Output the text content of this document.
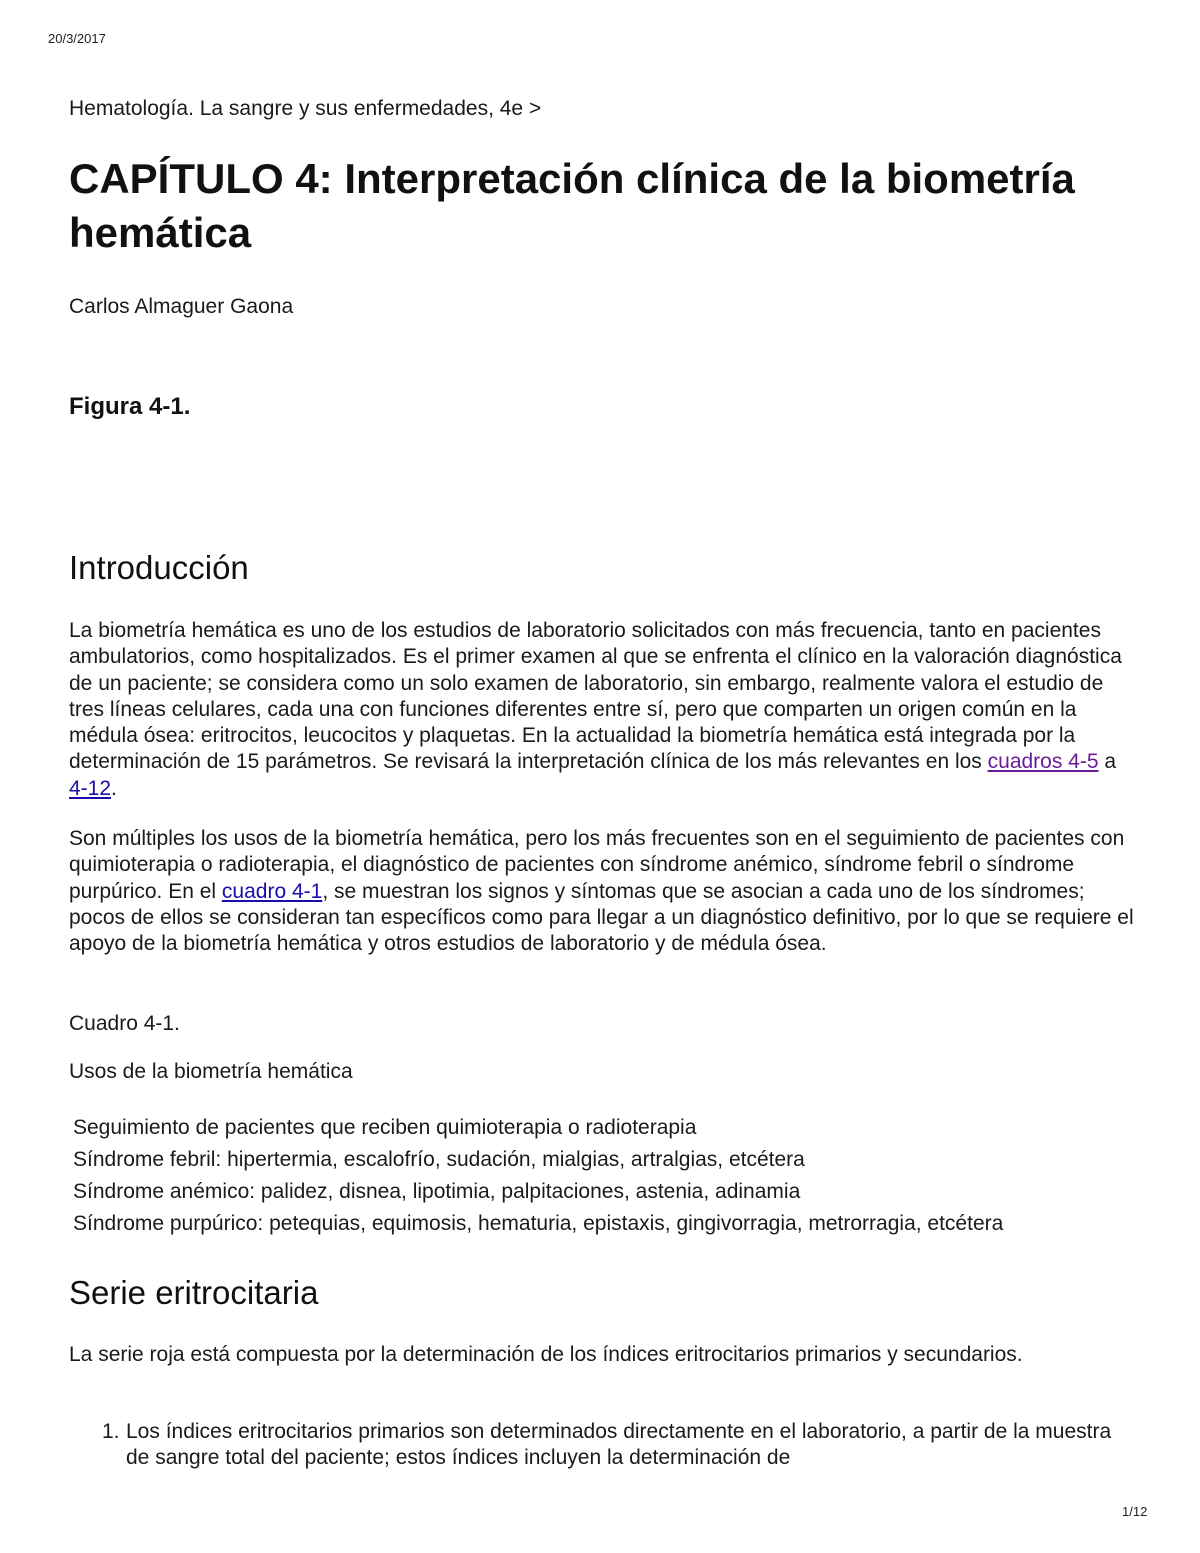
20/3/2017
Hematología. La sangre y sus enfermedades, 4e >
CAPÍTULO 4: Interpretación clínica de la biometría hemática
Carlos Almaguer Gaona
Figura 4-1.
Introducción

La biometría hemática es uno de los estudios de laboratorio solicitados con más frecuencia, tanto en pacientes ambulatorios, como hospitalizados. Es el primer examen al que se enfrenta el clínico en la valoración diagnóstica de un paciente; se considera como un solo examen de laboratorio, sin embargo, realmente valora el estudio de tres líneas celulares, cada una con funciones diferentes entre sí, pero que comparten un origen común en la médula ósea: eritrocitos, leucocitos y plaquetas. En la actualidad la biometría hemática está integrada por la determinación de 15 parámetros. Se revisará la interpretación clínica de los más relevantes en los cuadros 4-5 a 4-12.

Son múltiples los usos de la biometría hemática, pero los más frecuentes son en el seguimiento de pacientes con quimioterapia o radioterapia, el diagnóstico de pacientes con síndrome anémico, síndrome febril o síndrome purpúrico. En el cuadro 4-1, se muestran los signos y síntomas que se asocian a cada uno de los síndromes; pocos de ellos se consideran tan específicos como para llegar a un diagnóstico definitivo, por lo que se requiere el apoyo de la biometría hemática y otros estudios de laboratorio y de médula ósea.

Cuadro 4-1.
Usos de la biometría hemática
Seguimiento de pacientes que reciben quimioterapia o radioterapia
Síndrome febril: hipertermia, escalofrío, sudación, mialgias, artralgias, etcétera
Síndrome anémico: palidez, disnea, lipotimia, palpitaciones, astenia, adinamia
Síndrome purpúrico: petequias, equimosis, hematuria, epistaxis, gingivorragia, metrorragia, etcétera
Serie eritrocitaria

La serie roja está compuesta por la determinación de los índices eritrocitarios primarios y secundarios.

1. Los índices eritrocitarios primarios son determinados directamente en el laboratorio, a partir de la muestra de sangre total del paciente; estos índices incluyen la determinación de
1/12
